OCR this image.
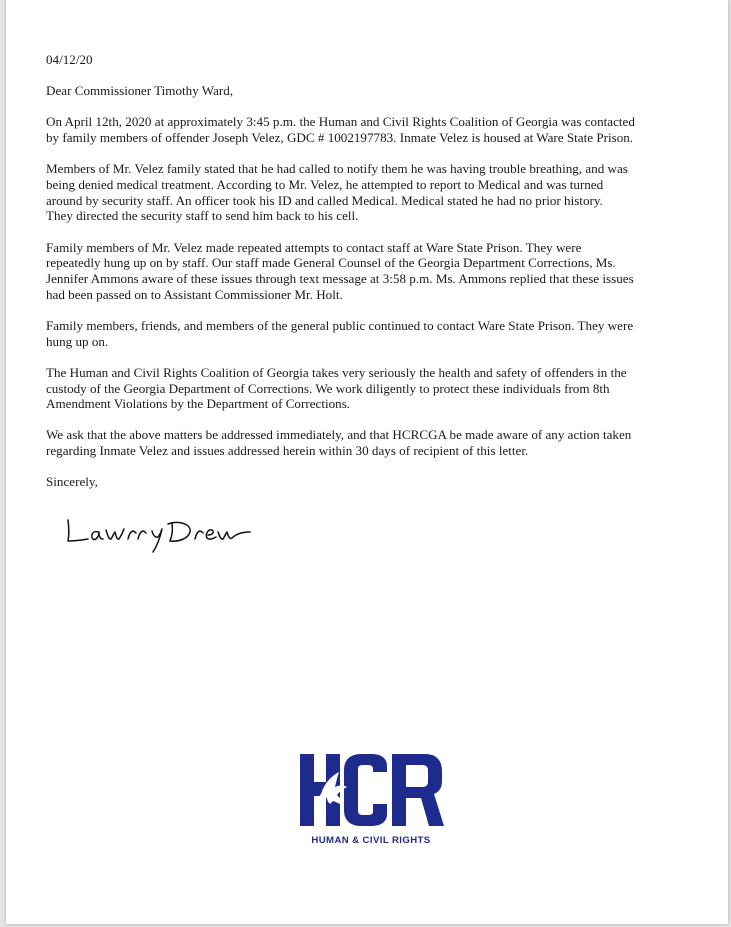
04/12/20

Dear Commissioner Timothy Ward,

On April 12th, 2020 at approximately 3:45 p.m. the Human and Civil Rights Coalition of Georgia was contacted
by family members of offender Joseph Velez, GDC # 1002197783. Inmate Velez is housed at Ware State Prison.

Members of Mr. Velez family stated that he had called to notify them he was having trouble breathing, and was
being denied medical treatment. According to Mr. Velez, he attempted to report to Medical and was turned
around by security staff. An officer took his ID and called Medical. Medical stated he had no prior history.
They directed the security staff to send him back to his cell.

Family members of Mr. Velez made repeated attempts to contact staff at Ware State Prison. They were
repeatedly hung up on by staff. Our staff made General Counsel of the Georgia Department Corrections, Ms.
Jennifer Ammons aware of these issues through text message at 3:58 p.m. Ms. Ammons replied that these issues
had been passed on to Assistant Commissioner Mr. Holt.

Family members, friends, and members of the general public continued to contact Ware State Prison. They were
hung up on.

The Human and Civil Rights Coalition of Georgia takes very seriously the health and safety of offenders in the
custody of the Georgia Department of Corrections. We work diligently to protect these individuals from 8th
Amendment Violations by the Department of Corrections.

We ask that the above matters be addressed immediately, and that HCRCGA be made aware of any action taken
regarding Inmate Velez and issues addressed herein within 30 days of recipient of this letter.

Sincerely,

HUMAN & CIVIL RIGHTS
